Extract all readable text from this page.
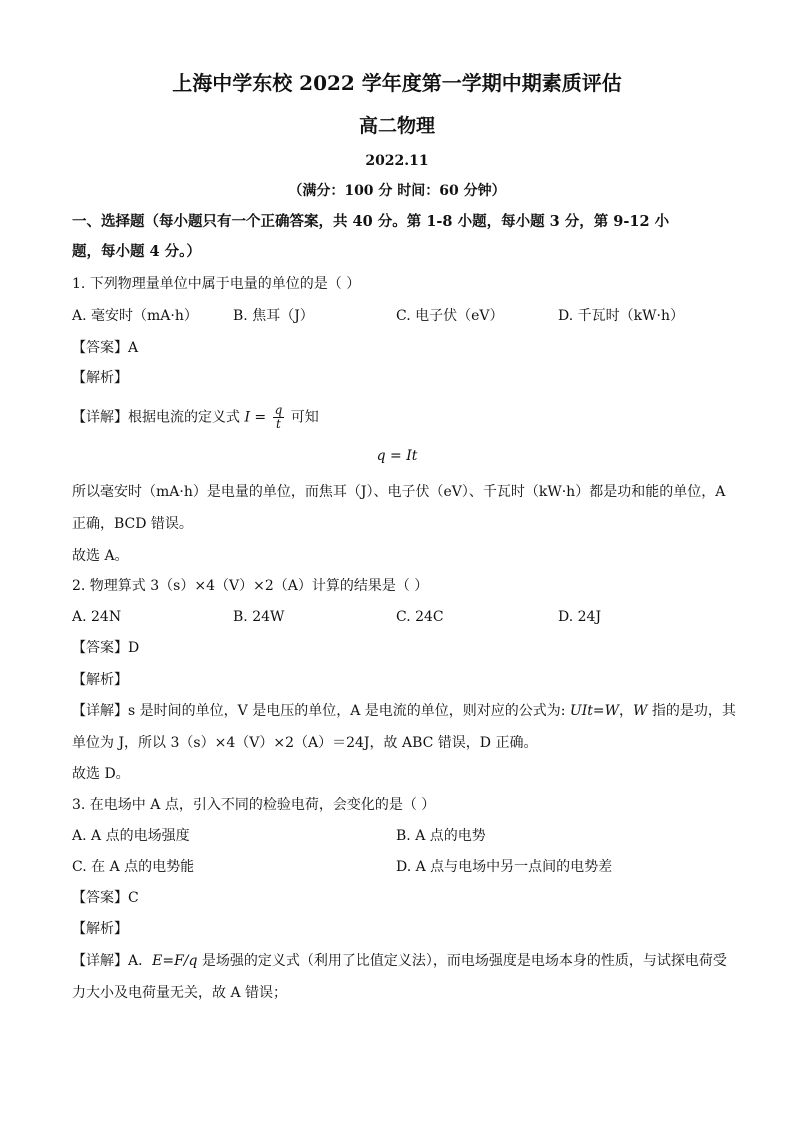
上海中学东校 2022 学年度第一学期中期素质评估
高二物理
2022.11
（满分：100 分 时间：60 分钟）
一、选择题（每小题只有一个正确答案，共 40 分。第 1-8 小题，每小题 3 分，第 9-12 小
题，每小题 4 分。）
1. 下列物理量单位中属于电量的单位的是（ ）
A. 毫安时（mA·h）	B. 焦耳（J）	C. 电子伏（eV）	D. 千瓦时（kW·h）
【答案】A
【解析】
【详解】根据电流的定义式 $I = \frac{q}{t}$ 可知
q = It
所以毫安时（mA·h）是电量的单位，而焦耳（J）、电子伏（eV）、千瓦时（kW·h）都是功和能的单位，A
正确，BCD 错误。
故选 A。
2. 物理算式 3（s）×4（V）×2（A）计算的结果是（ ）
A. 24N	B. 24W	C. 24C	D. 24J
【答案】D
【解析】
【详解】s 是时间的单位，V 是电压的单位，A 是电流的单位，则对应的公式为: UIt=W，W 指的是功，其
单位为 J，所以 3（s）×4（V）×2（A）＝24J，故 ABC 错误，D 正确。
故选 D。
3. 在电场中 A 点，引入不同的检验电荷，会变化的是（ ）
A. A 点的电场强度	B. A 点的电势
C. 在 A 点的电势能	D. A 点与电场中另一点间的电势差
【答案】C
【解析】
【详解】A．E=F/q 是场强的定义式（利用了比值定义法），而电场强度是电场本身的性质，与试探电荷受
力大小及电荷量无关，故 A 错误；
